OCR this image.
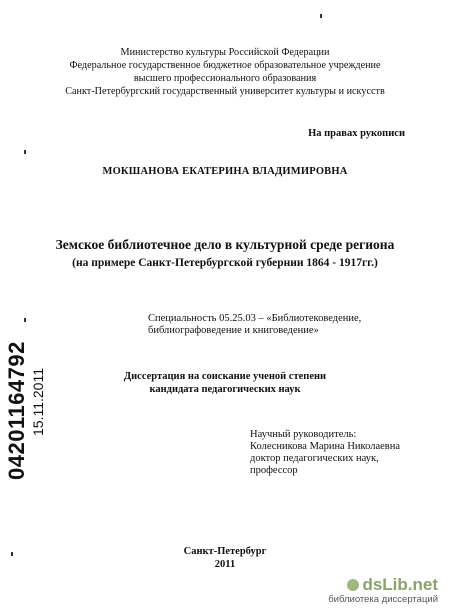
Министерство культуры Российской Федерации
Федеральное государственное бюджетное образовательное учреждение
высшего профессионального образования
Санкт-Петербургский государственный университет культуры и искусств
На правах рукописи
МОКШАНОВА ЕКАТЕРИНА ВЛАДИМИРОВНА
Земское библиотечное дело в культурной среде региона
(на примере Санкт-Петербургской губернии 1864 - 1917гг.)
Специальность 05.25.03 – «Библиотековедение,
библиографоведение и книговедение»
Диссертация на соискание ученой степени
кандидата педагогических наук
Научный руководитель:
Колесникова Марина Николаевна
доктор педагогических наук,
профессор
Санкт-Петербург
2011
04201164792 15.11.2011
dsLib.net
библиотека диссертаций
